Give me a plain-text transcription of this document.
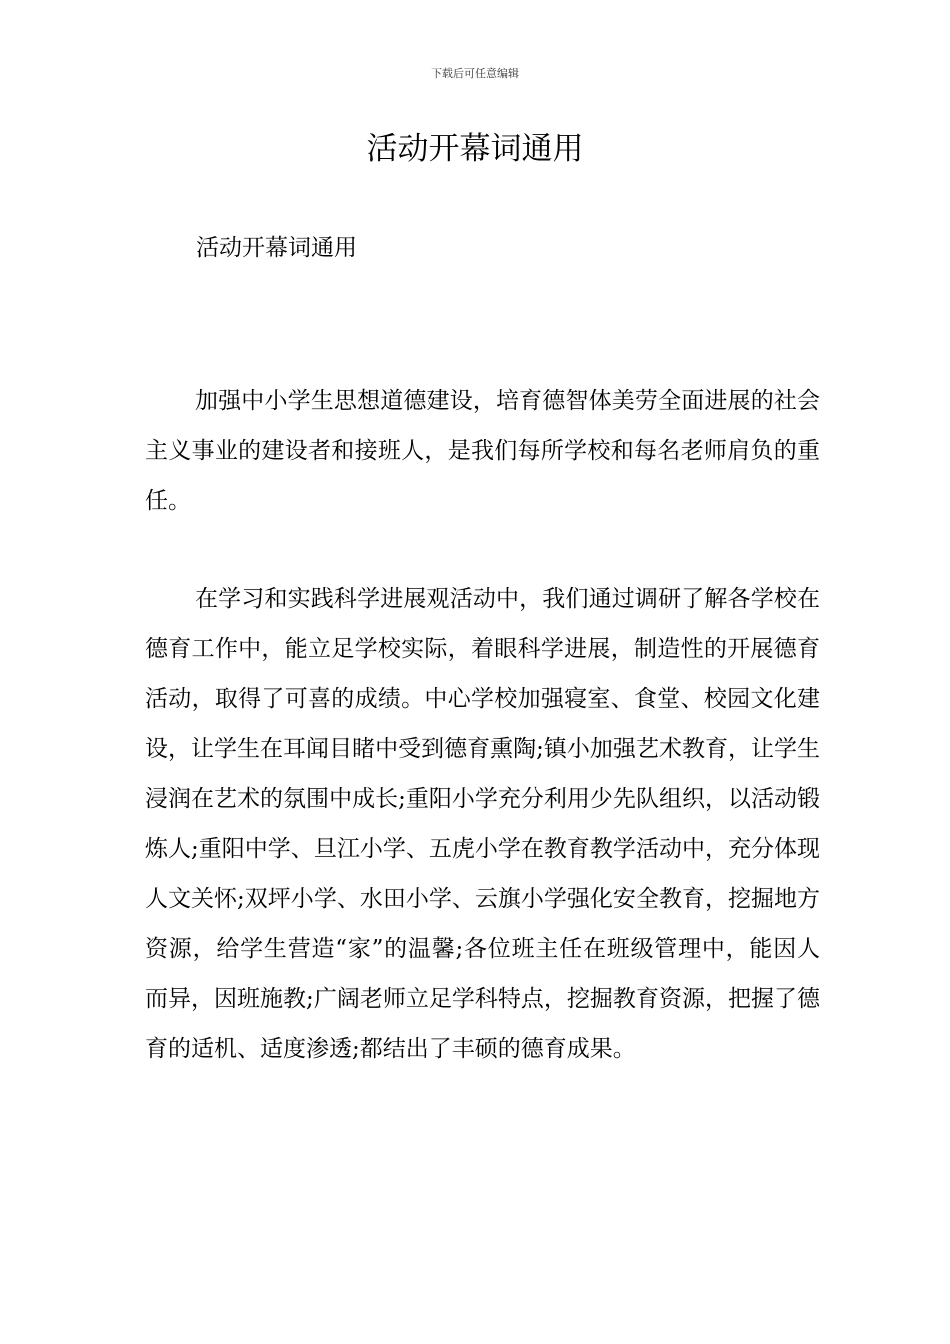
下载后可任意编辑
活动开幕词通用

活动开幕词通用

加强中小学生思想道德建设，培育德智体美劳全面进展的社会主义事业的建设者和接班人，是我们每所学校和每名老师肩负的重任。

在学习和实践科学进展观活动中，我们通过调研了解各学校在德育工作中，能立足学校实际，着眼科学进展，制造性的开展德育活动，取得了可喜的成绩。中心学校加强寝室、食堂、校园文化建设，让学生在耳闻目睹中受到德育熏陶;镇小加强艺术教育，让学生浸润在艺术的氛围中成长;重阳小学充分利用少先队组织，以活动锻炼人;重阳中学、旦江小学、五虎小学在教育教学活动中，充分体现人文关怀;双坪小学、水田小学、云旗小学强化安全教育，挖掘地方资源，给学生营造“家”的温馨;各位班主任在班级管理中，能因人而异，因班施教;广阔老师立足学科特点，挖掘教育资源，把握了德育的适机、适度渗透;都结出了丰硕的德育成果。
